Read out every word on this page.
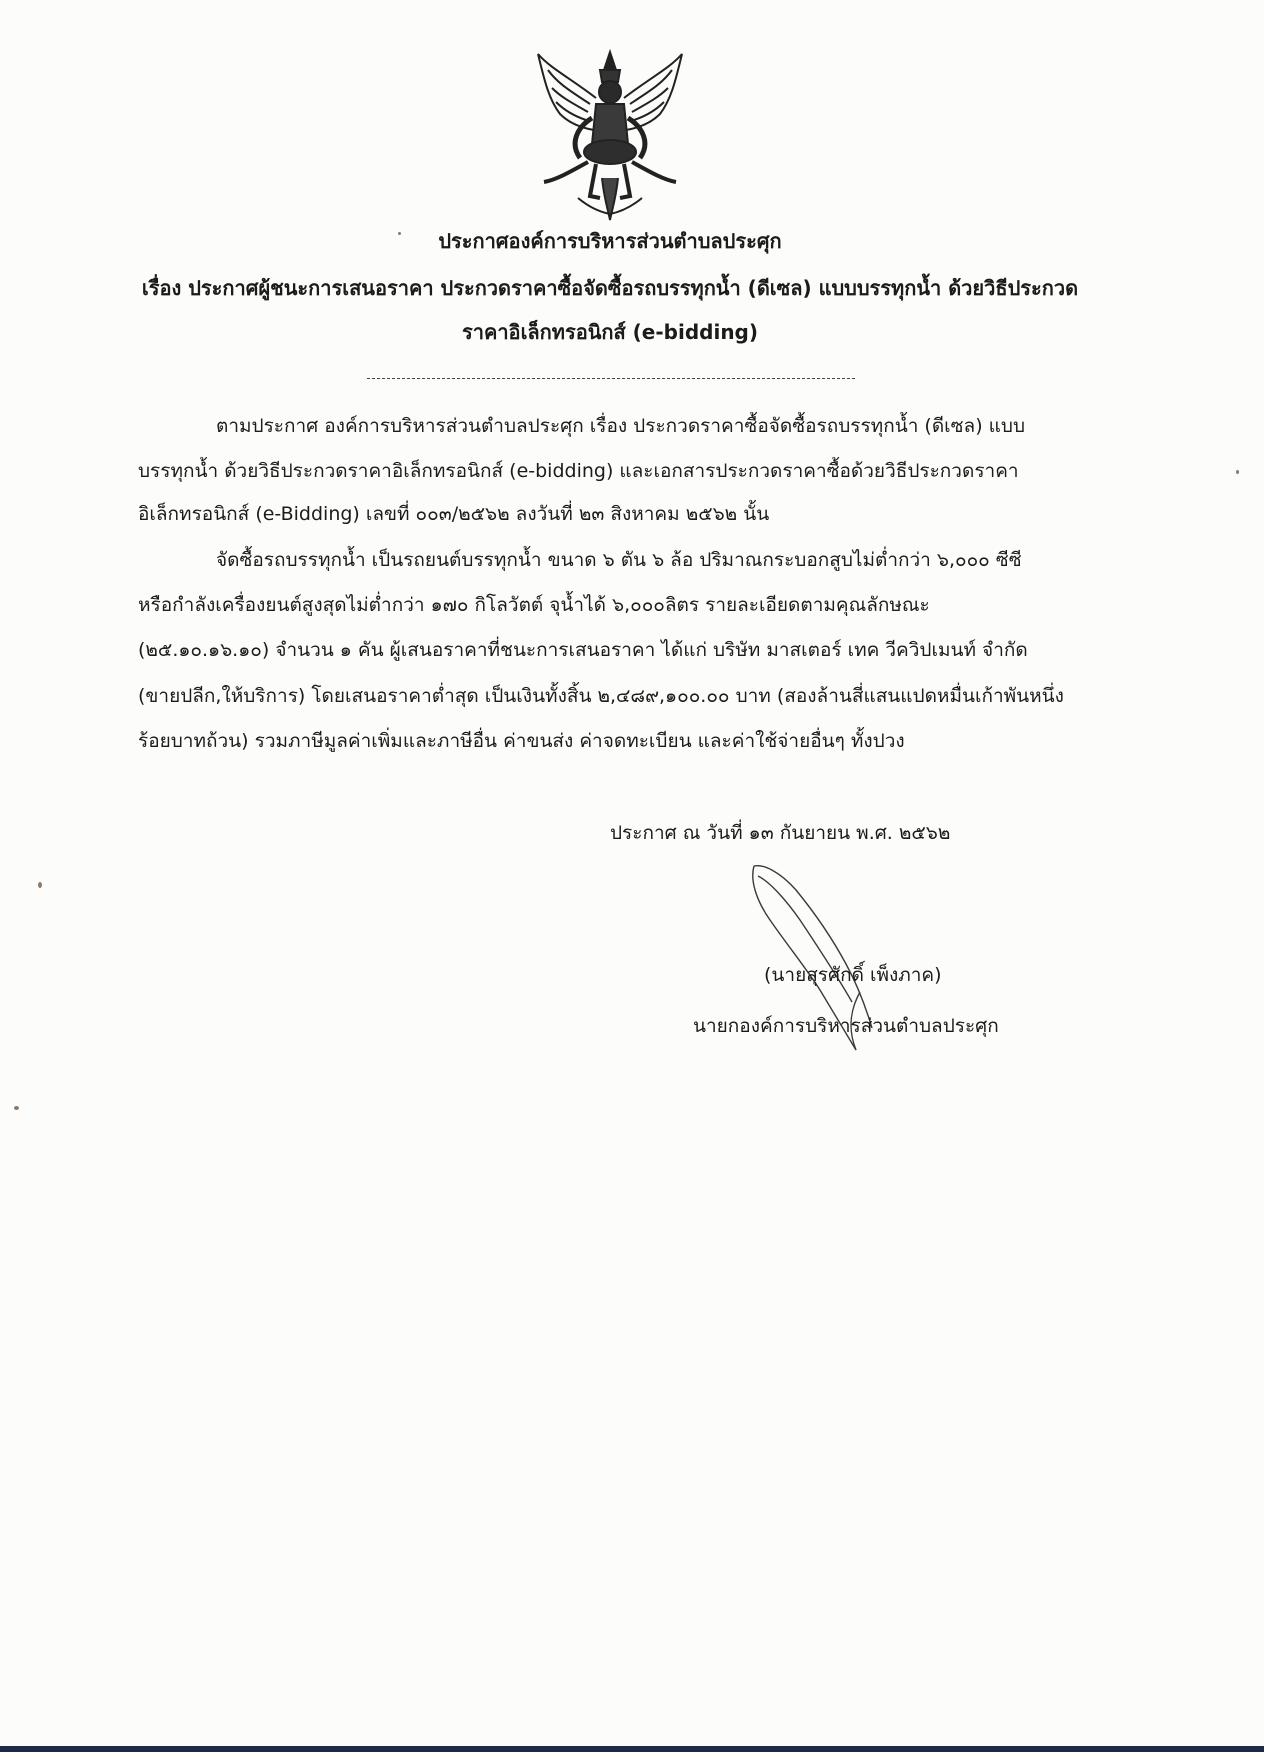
ประกาศองค์การบริหารส่วนตำบลประศุก
เรื่อง ประกาศผู้ชนะการเสนอราคา ประกวดราคาซื้อจัดซื้อรถบรรทุกน้ำ (ดีเซล) แบบบรรทุกน้ำ ด้วยวิธีประกวด
ราคาอิเล็กทรอนิกส์ (e-bidding)
ตามประกาศ องค์การบริหารส่วนตำบลประศุก เรื่อง ประกวดราคาซื้อจัดซื้อรถบรรทุกน้ำ (ดีเซล) แบบ
บรรทุกน้ำ ด้วยวิธีประกวดราคาอิเล็กทรอนิกส์ (e-bidding) และเอกสารประกวดราคาซื้อด้วยวิธีประกวดราคา
อิเล็กทรอนิกส์ (e-Bidding) เลขที่ ๐๐๓/๒๕๖๒ ลงวันที่ ๒๓ สิงหาคม ๒๕๖๒ นั้น
จัดซื้อรถบรรทุกน้ำ เป็นรถยนต์บรรทุกน้ำ ขนาด ๖ ตัน ๖ ล้อ ปริมาณกระบอกสูบไม่ต่ำกว่า ๖,๐๐๐ ซีซี
หรือกำลังเครื่องยนต์สูงสุดไม่ต่ำกว่า ๑๗๐ กิโลวัตต์ จุน้ำได้ ๖,๐๐๐ลิตร รายละเอียดตามคุณลักษณะ
(๒๕.๑๐.๑๖.๑๐) จำนวน ๑ คัน ผู้เสนอราคาที่ชนะการเสนอราคา ได้แก่ บริษัท มาสเตอร์ เทค วีควิปเมนท์ จำกัด
(ขายปลีก,ให้บริการ) โดยเสนอราคาต่ำสุด เป็นเงินทั้งสิ้น ๒,๔๘๙,๑๐๐.๐๐ บาท (สองล้านสี่แสนแปดหมื่นเก้าพันหนึ่ง
ร้อยบาทถ้วน) รวมภาษีมูลค่าเพิ่มและภาษีอื่น ค่าขนส่ง ค่าจดทะเบียน และค่าใช้จ่ายอื่นๆ ทั้งปวง
ประกาศ ณ วันที่ ๑๓ กันยายน พ.ศ. ๒๕๖๒
(นายสุรศักดิ์ เพ็งภาค)
นายกองค์การบริหารส่วนตำบลประศุก
